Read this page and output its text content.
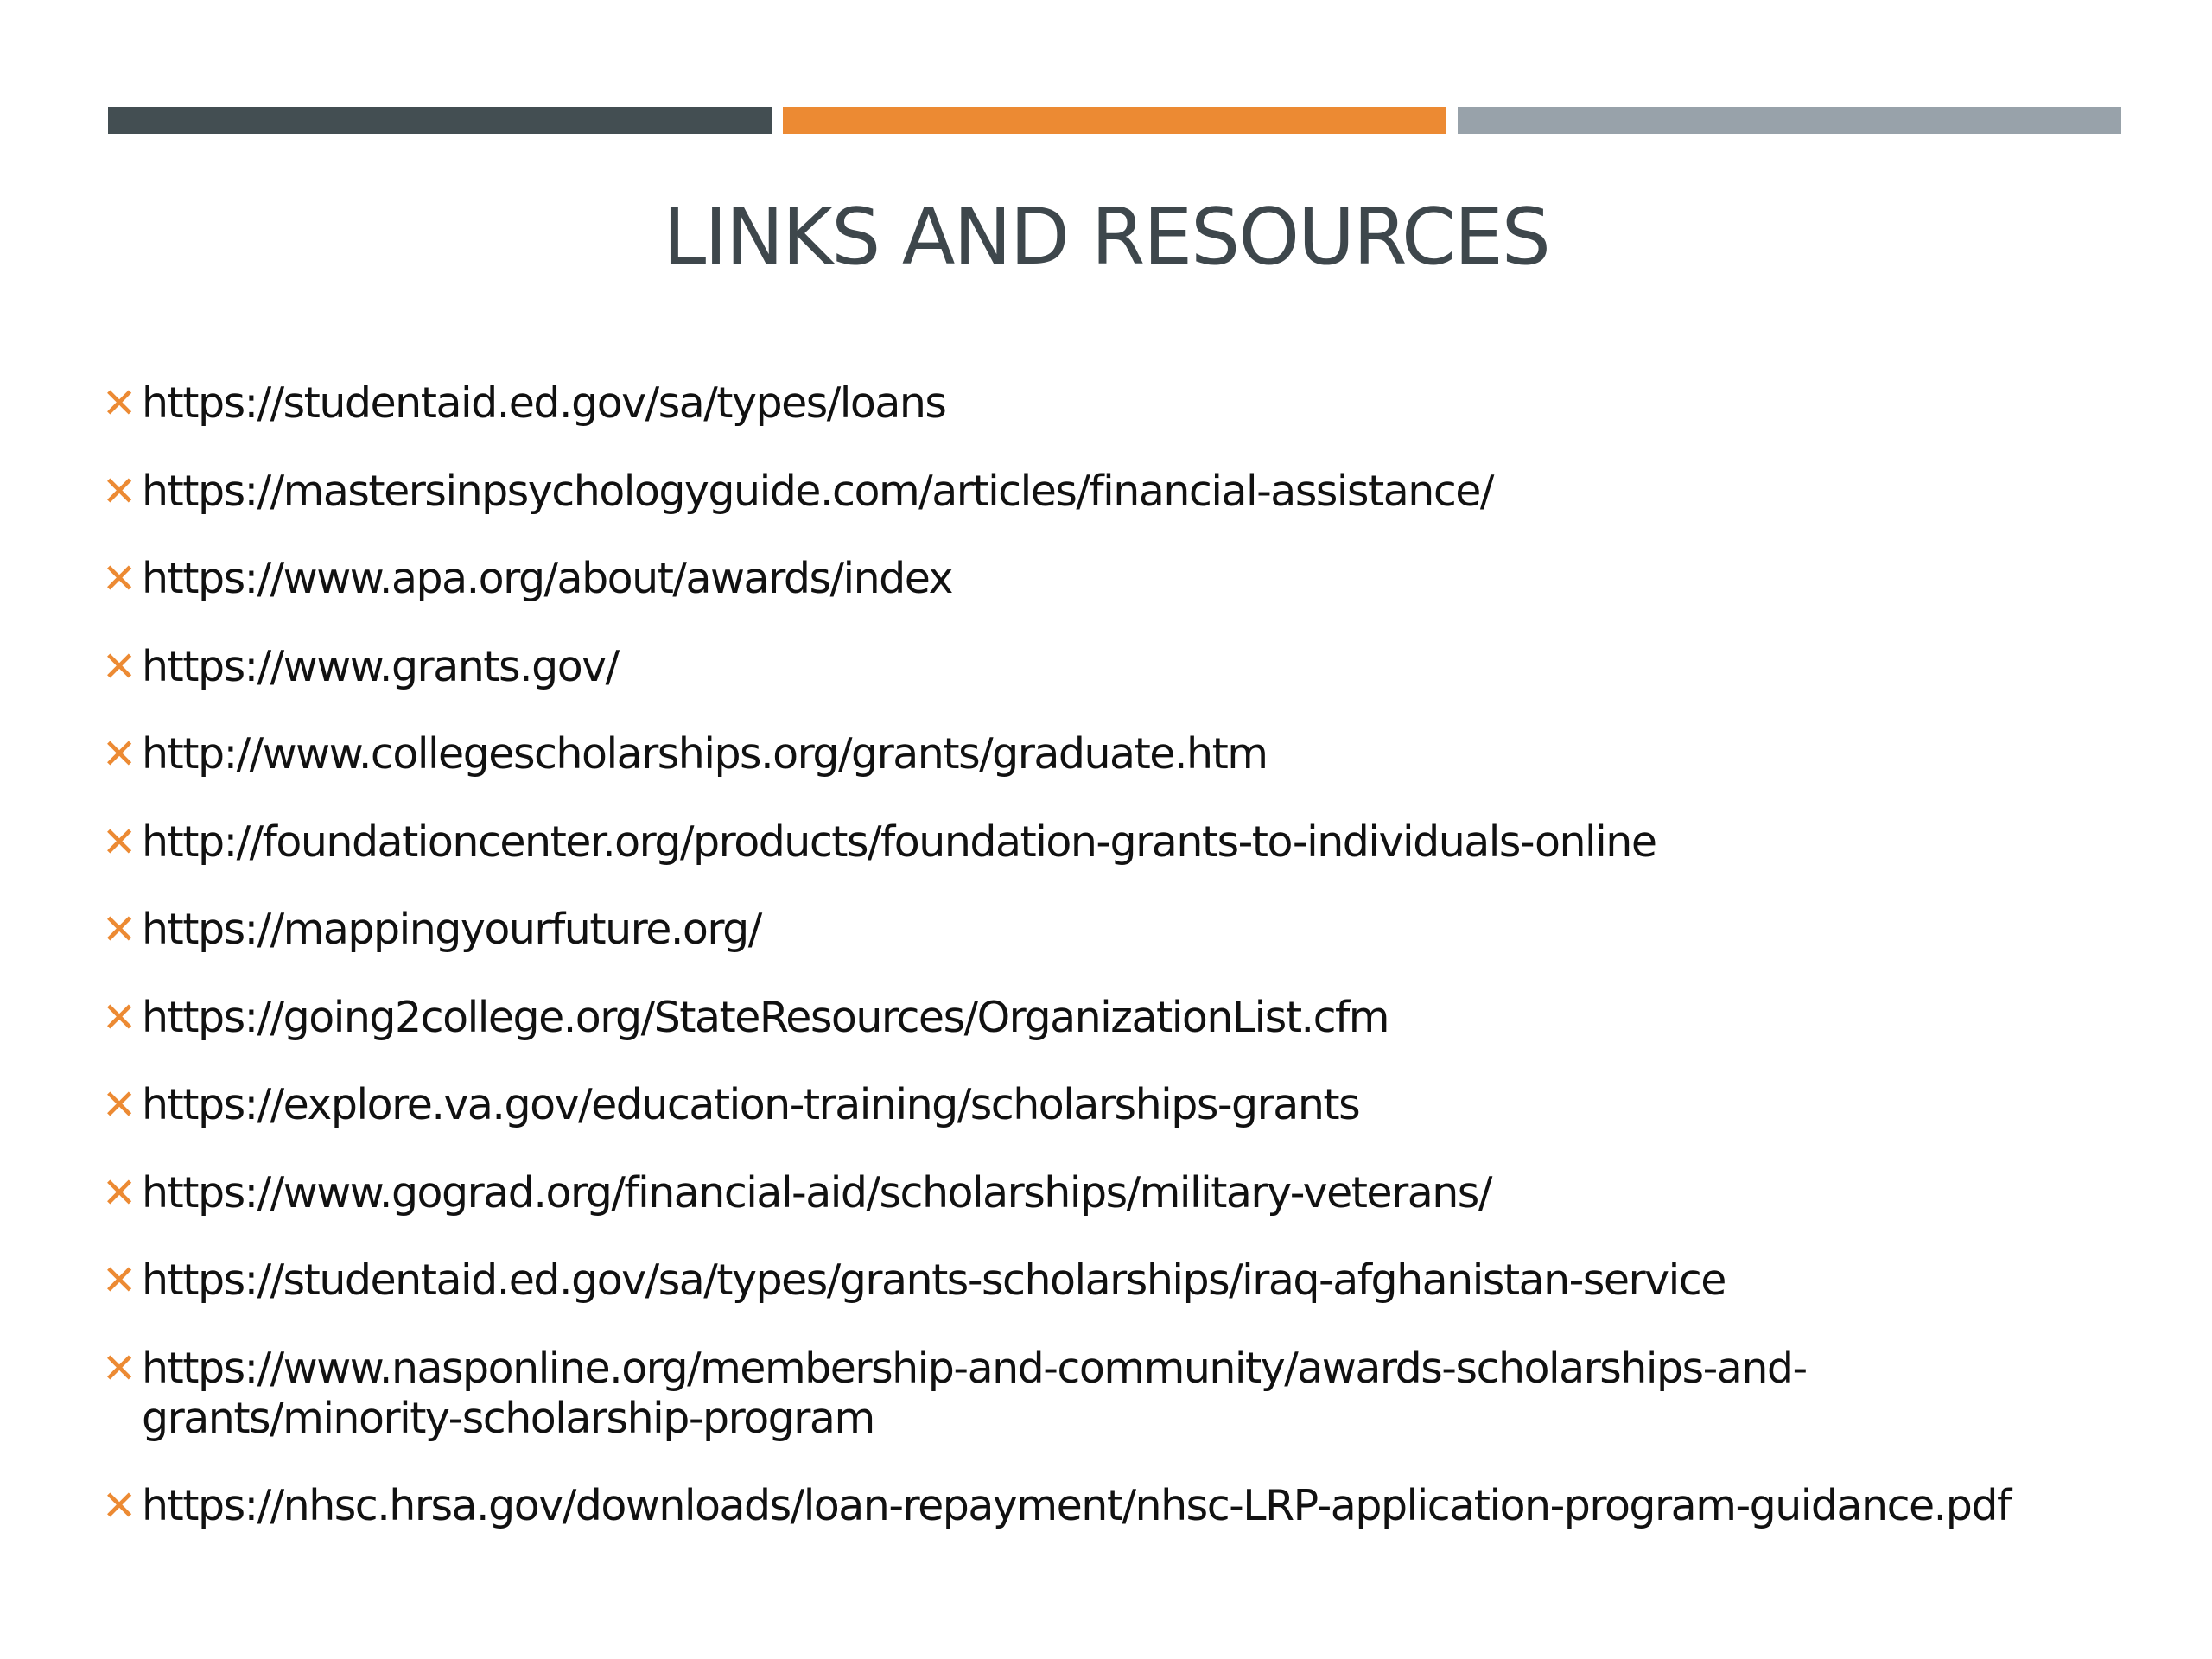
LINKS AND RESOURCES
✕ https://studentaid.ed.gov/sa/types/loans
✕ https://mastersinpsychologyguide.com/articles/financial-assistance/
✕ https://www.apa.org/about/awards/index
✕ https://www.grants.gov/
✕ http://www.collegescholarships.org/grants/graduate.htm
✕ http://foundationcenter.org/products/foundation-grants-to-individuals-online
✕ https://mappingyourfuture.org/
✕ https://going2college.org/StateResources/OrganizationList.cfm
✕ https://explore.va.gov/education-training/scholarships-grants
✕ https://www.gograd.org/financial-aid/scholarships/military-veterans/
✕ https://studentaid.ed.gov/sa/types/grants-scholarships/iraq-afghanistan-service
✕ https://www.nasponline.org/membership-and-community/awards-scholarships-and-grants/minority-scholarship-program
✕ https://nhsc.hrsa.gov/downloads/loan-repayment/nhsc-LRP-application-program-guidance.pdf
